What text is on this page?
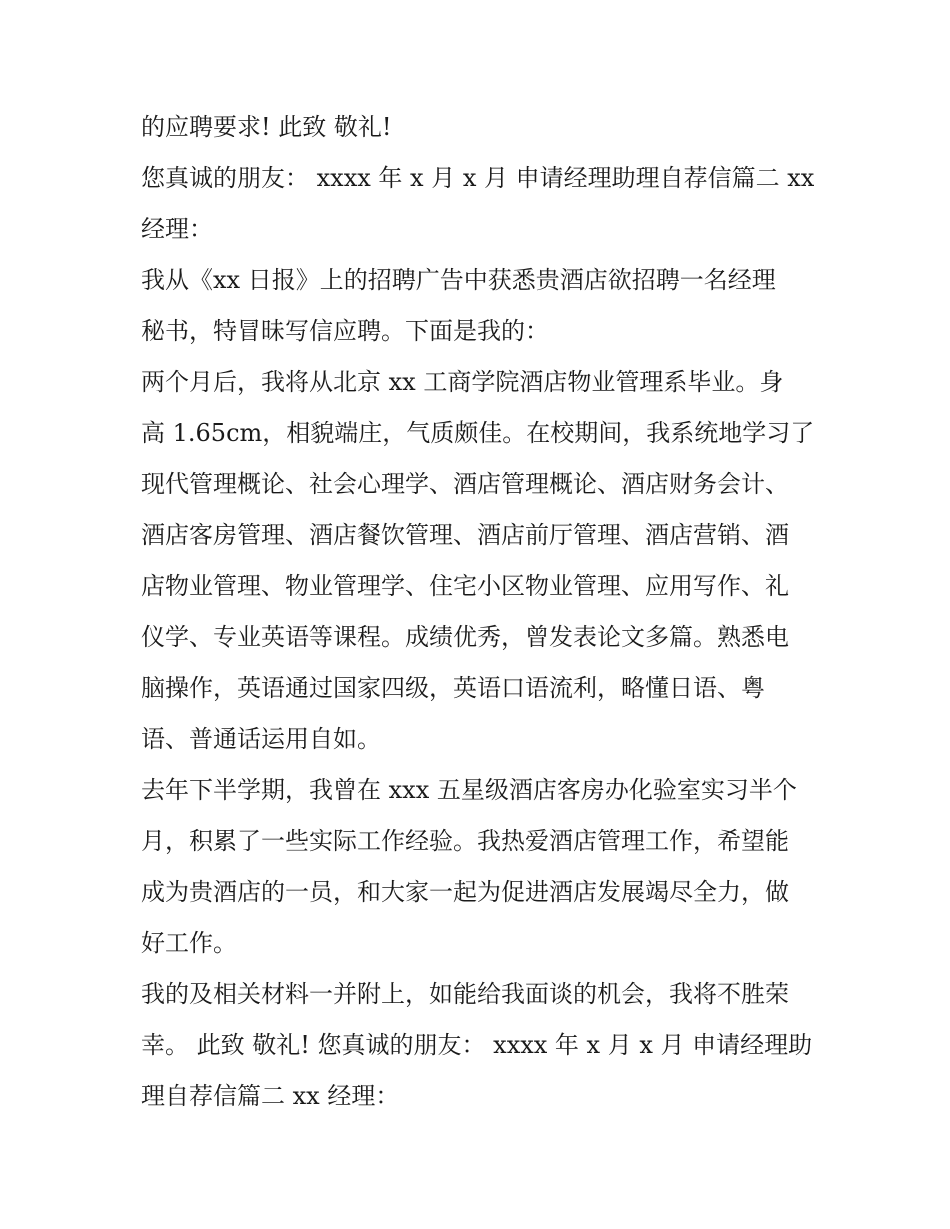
的应聘要求! 此致 敬礼!

您真诚的朋友： xxxx 年 x 月 x 月 申请经理助理自荐信篇二 xx

经理：

我从《xx 日报》上的招聘广告中获悉贵酒店欲招聘一名经理

秘书，特冒昧写信应聘。下面是我的：

两个月后，我将从北京 xx 工商学院酒店物业管理系毕业。身

高 1.65cm，相貌端庄，气质颇佳。在校期间，我系统地学习了

现代管理概论、社会心理学、酒店管理概论、酒店财务会计、

酒店客房管理、酒店餐饮管理、酒店前厅管理、酒店营销、酒

店物业管理、物业管理学、住宅小区物业管理、应用写作、礼

仪学、专业英语等课程。成绩优秀，曾发表论文多篇。熟悉电

脑操作，英语通过国家四级，英语口语流利，略懂日语、粤

语、普通话运用自如。

去年下半学期，我曾在 xxx 五星级酒店客房办化验室实习半个

月，积累了一些实际工作经验。我热爱酒店管理工作，希望能

成为贵酒店的一员，和大家一起为促进酒店发展竭尽全力，做

好工作。

我的及相关材料一并附上，如能给我面谈的机会，我将不胜荣

幸。 此致 敬礼! 您真诚的朋友： xxxx 年 x 月 x 月 申请经理助

理自荐信篇二 xx 经理：
